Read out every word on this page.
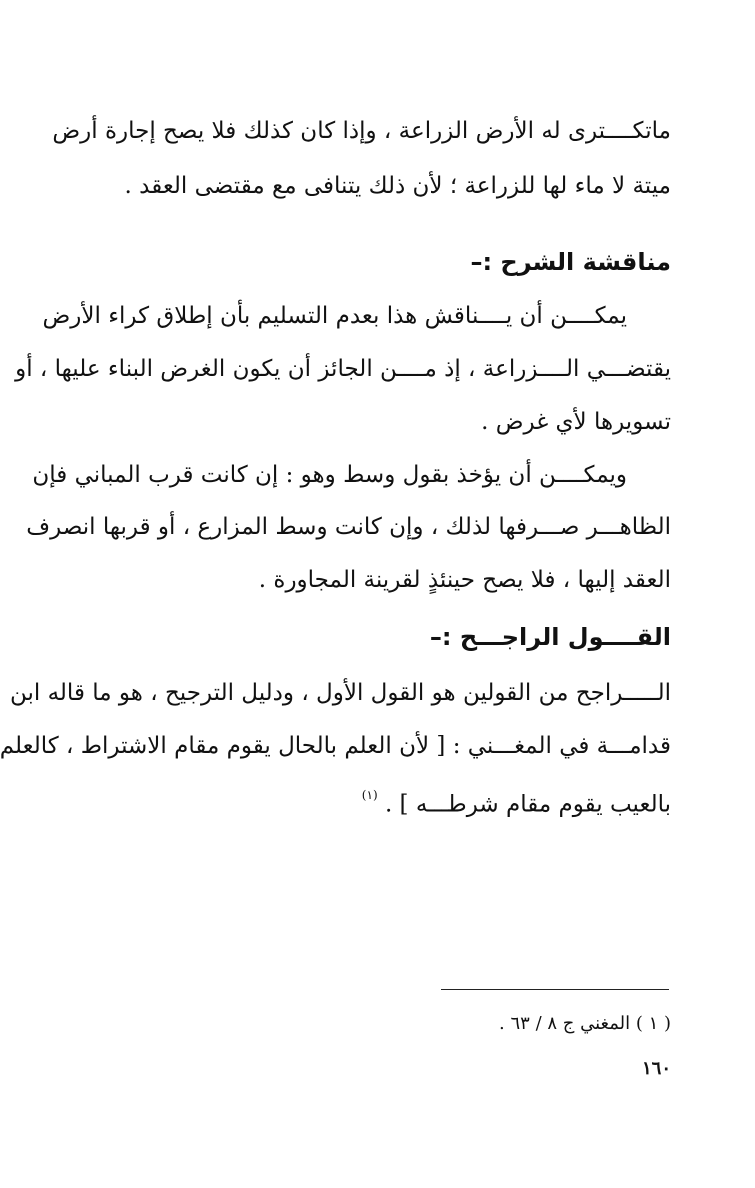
ماتكــــترى له الأرض الزراعة ، وإذا كان كذلك فلا يصح إجارة أرض
ميتة لا ماء لها للزراعة ؛ لأن ذلك يتنافى مع مقتضى العقد .
مناقشة الشرح :–
يمكــــن أن يــــناقش هذا بعدم التسليم بأن إطلاق كراء الأرض
يقتضـــي الــــزراعة ، إذ مــــن الجائز أن يكون الغرض البناء عليها ، أو
تسويرها لأي غرض .
ويمكــــن أن يؤخذ بقول وسط وهو : إن كانت قرب المباني فإن
الظاهـــر صـــرفها لذلك ، وإن كانت وسط المزارع ، أو قربها انصرف
العقد إليها ، فلا يصح حينئذٍ لقرينة المجاورة .
القــــول الراجـــح :–
الـــــراجح من القولين هو القول الأول ، ودليل الترجيح ، هو ما قاله ابن
قدامـــة في المغـــني : [ لأن العلم بالحال يقوم مقام الاشتراط ، كالعلم
بالعيب يقوم مقام شرطـــه ] . $^{(١)}$
( ١ ) المغني ج ٨ / ٦٣ .
١٦٠
